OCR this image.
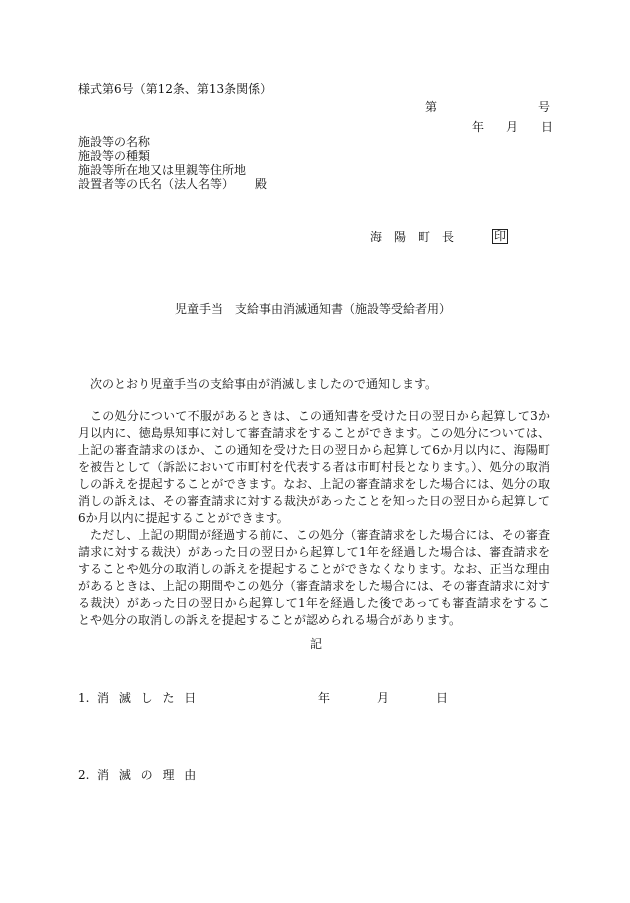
様式第6号（第12条、第13条関係）
第	号
年 月 日
施設等の名称
施設等の種類
施設等所在地又は里親等住所地
設置者等の氏名（法人名等） 殿
海　陽　町　長	印
児童手当　支給事由消滅通知書（施設等受給者用）
次のとおり児童手当の支給事由が消滅しましたので通知します。

この処分について不服があるときは、この通知書を受けた日の翌日から起算して3か月以内に、徳島県知事に対して審査請求をすることができます。この処分については、上記の審査請求のほか、この通知を受けた日の翌日から起算して6か月以内に、海陽町を被告として（訴訟において市町村を代表する者は市町村長となります。）、処分の取消しの訴えを提起することができます。なお、上記の審査請求をした場合には、処分の取消しの訴えは、その審査請求に対する裁決があったことを知った日の翌日から起算して6か月以内に提起することができます。

ただし、上記の期間が経過する前に、この処分（審査請求をした場合には、その審査請求に対する裁決）があった日の翌日から起算して1年を経過した場合は、審査請求をすることや処分の取消しの訴えを提起することができなくなります。なお、正当な理由があるときは、上記の期間やこの処分（審査請求をした場合には、その審査請求に対する裁決）があった日の翌日から起算して1年を経過した後であっても審査請求をすることや処分の取消しの訴えを提起することが認められる場合があります。

記
1. 消 滅 し た 日	年	月	日
2. 消 滅 の 理 由
